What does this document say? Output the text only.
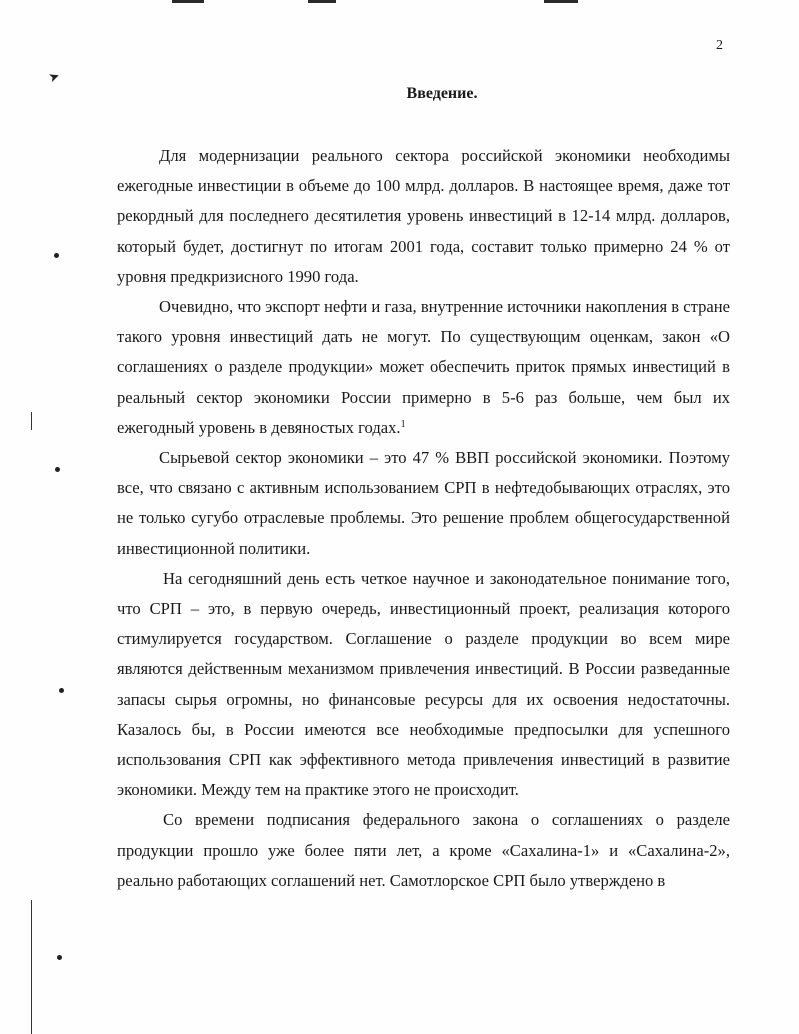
➤
2
Введение.

Для модернизации реального сектора российской экономики необходимы ежегодные инвестиции в объеме до 100 млрд. долларов. В настоящее время, даже тот рекордный для последнего десятилетия уровень инвестиций в 12-14 млрд. долларов, который будет, достигнут по итогам 2001 года, составит только примерно 24 % от уровня предкризисного 1990 года.

Очевидно, что экспорт нефти и газа, внутренние источники накопления в стране такого уровня инвестиций дать не могут. По существующим оценкам, закон «О соглашениях о разделе продукции» может обеспечить приток прямых инвестиций в реальный сектор экономики России примерно в 5-6 раз больше, чем был их ежегодный уровень в девяностых годах.$^1$

Сырьевой сектор экономики – это 47 % ВВП российской экономики. Поэтому все, что связано с активным использованием СРП в нефтедобывающих отраслях, это не только сугубо отраслевые проблемы. Это решение проблем общегосударственной инвестиционной политики.

На сегодняшний день есть четкое научное и законодательное понимание того, что СРП – это, в первую очередь, инвестиционный проект, реализация которого стимулируется государством. Соглашение о разделе продукции во всем мире являются действенным механизмом привлечения инвестиций. В России разведанные запасы сырья огромны, но финансовые ресурсы для их освоения недостаточны. Казалось бы, в России имеются все необходимые предпосылки для успешного использования СРП как эффективного метода привлечения инвестиций в развитие экономики. Между тем на практике этого не происходит.

Со времени подписания федерального закона о соглашениях о разделе продукции прошло уже более пяти лет, а кроме «Сахалина-1» и «Сахалина-2», реально работающих соглашений нет. Самотлорское СРП было утверждено в
